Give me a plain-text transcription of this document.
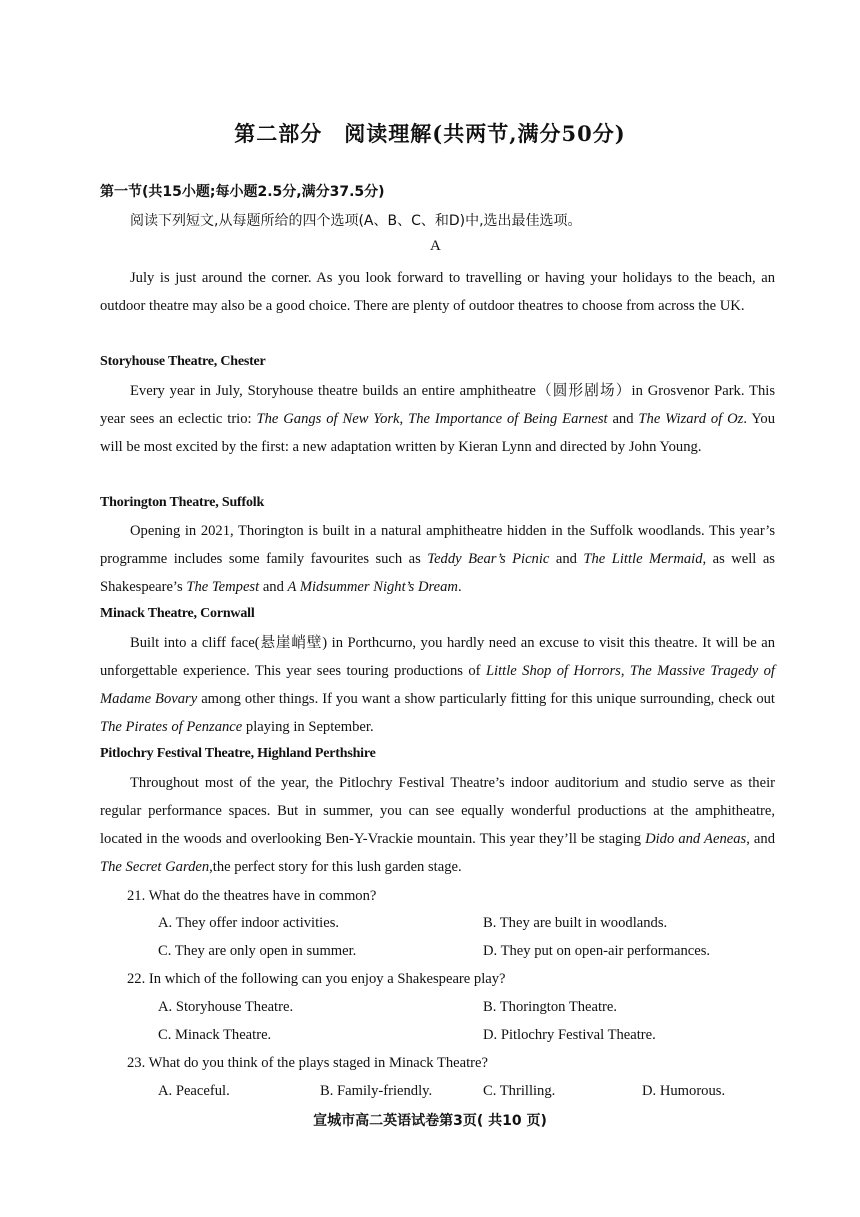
第二部分　阅读理解(共两节,满分50分)
第一节(共15小题;每小题2.5分,满分37.5分)
阅读下列短文,从每题所给的四个选项(A、B、C、和D)中,选出最佳选项。
A
July is just around the corner. As you look forward to travelling or having your holidays to the beach, an outdoor theatre may also be a good choice. There are plenty of outdoor theatres to choose from across the UK.
Storyhouse Theatre, Chester
Every year in July, Storyhouse theatre builds an entire amphitheatre（圆形剧场）in Grosvenor Park. This year sees an eclectic trio: The Gangs of New York, The Importance of Being Earnest and The Wizard of Oz. You will be most excited by the first: a new adaptation written by Kieran Lynn and directed by John Young.
Thorington Theatre, Suffolk
Opening in 2021, Thorington is built in a natural amphitheatre hidden in the Suffolk woodlands. This year’s programme includes some family favourites such as Teddy Bear’s Picnic and The Little Mermaid, as well as Shakespeare’s The Tempest and A Midsummer Night’s Dream.
Minack Theatre, Cornwall
Built into a cliff face(悬崖峭壁) in Porthcurno, you hardly need an excuse to visit this theatre. It will be an unforgettable experience. This year sees touring productions of Little Shop of Horrors, The Massive Tragedy of Madame Bovary among other things. If you want a show particularly fitting for this unique surrounding, check out The Pirates of Penzance playing in September.
Pitlochry Festival Theatre, Highland Perthshire
Throughout most of the year, the Pitlochry Festival Theatre’s indoor auditorium and studio serve as their regular performance spaces. But in summer, you can see equally wonderful productions at the amphitheatre, located in the woods and overlooking Ben-Y-Vrackie mountain. This year they’ll be staging Dido and Aeneas, and The Secret Garden,the perfect story for this lush garden stage.
21. What do the theatres have in common?
A. They offer indoor activities.	B. They are built in woodlands.
C. They are only open in summer.	D. They put on open-air performances.
22. In which of the following can you enjoy a Shakespeare play?
A. Storyhouse Theatre.	B. Thorington Theatre.
C. Minack Theatre.	D. Pitlochry Festival Theatre.
23. What do you think of the plays staged in Minack Theatre?
A. Peaceful.	B. Family-friendly.	C. Thrilling.	D. Humorous.
宣城市高二英语试卷第3页( 共10 页)
